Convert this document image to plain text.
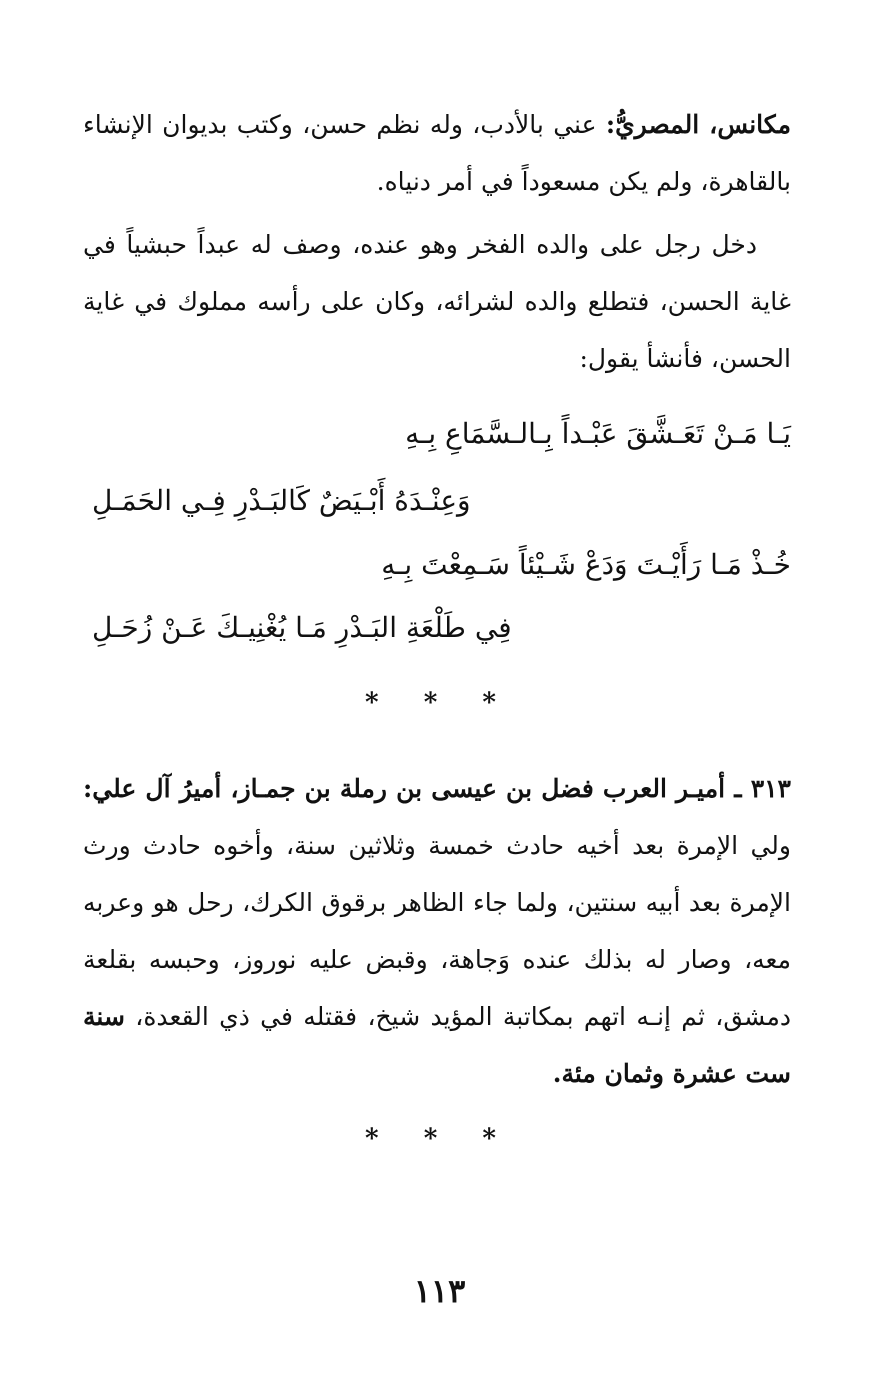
مكانس، المصريُّ: عني بالأدب، وله نظم حسن، وكتب بديوان الإنشاء بالقاهرة، ولم يكن مسعوداً في أمر دنياه.

دخل رجل على والده الفخر وهو عنده، وصف له عبداً حبشياً في غاية الحسن، فتطلع والده لشرائه، وكان على رأسه مملوك في غاية الحسن، فأنشأ يقول:

يَـا مَـنْ تَعَـشَّقَ عَبْـداً بِـالـسَّمَاعِ بِـهِ
وَعِنْـدَهُ أَبْـيَضٌ كَالبَـدْرِ فِـي الحَمَـلِ
خُـذْ مَـا رَأَيْـتَ وَدَعْ شَـيْئاً سَـمِعْتَ بِـهِ
فِي طَلْعَةِ البَـدْرِ مَـا يُغْنِيـكَ عَـنْ زُحَـلِ
* * *

٣١٣ ـ أميـر العرب فضل بن عيسى بن رملة بن جمـاز، أميرُ آل علي: ولي الإمرة بعد أخيه حادث خمسة وثلاثين سنة، وأخوه حادث ورث الإمرة بعد أبيه سنتين، ولما جاء الظاهر برقوق الكرك، رحل هو وعربه معه، وصار له بذلك عنده وَجاهة، وقبض عليه نوروز، وحبسه بقلعة دمشق، ثم إنـه اتهم بمكاتبة المؤيد شيخ، فقتله في ذي القعدة، سنة ست عشرة وثمان مئة.

* * *
١١٣
